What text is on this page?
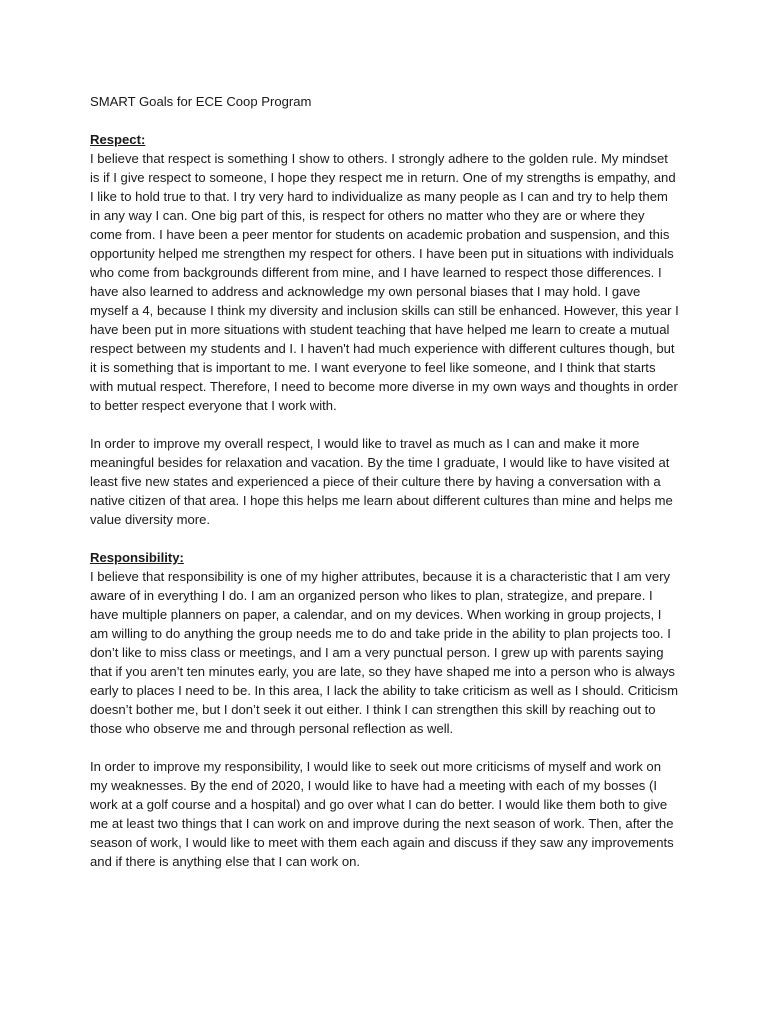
SMART Goals for ECE Coop Program

Respect:

I believe that respect is something I show to others. I strongly adhere to the golden rule. My mindset is if I give respect to someone, I hope they respect me in return. One of my strengths is empathy, and I like to hold true to that. I try very hard to individualize as many people as I can and try to help them in any way I can. One big part of this, is respect for others no matter who they are or where they come from. I have been a peer mentor for students on academic probation and suspension, and this opportunity helped me strengthen my respect for others. I have been put in situations with individuals who come from backgrounds different from mine, and I have learned to respect those differences. I have also learned to address and acknowledge my own personal biases that I may hold. I gave myself a 4, because I think my diversity and inclusion skills can still be enhanced. However, this year I have been put in more situations with student teaching that have helped me learn to create a mutual respect between my students and I. I haven't had much experience with different cultures though, but it is something that is important to me. I want everyone to feel like someone, and I think that starts with mutual respect. Therefore, I need to become more diverse in my own ways and thoughts in order to better respect everyone that I work with.

In order to improve my overall respect, I would like to travel as much as I can and make it more meaningful besides for relaxation and vacation. By the time I graduate, I would like to have visited at least five new states and experienced a piece of their culture there by having a conversation with a native citizen of that area. I hope this helps me learn about different cultures than mine and helps me value diversity more.

Responsibility:

I believe that responsibility is one of my higher attributes, because it is a characteristic that I am very aware of in everything I do. I am an organized person who likes to plan, strategize, and prepare. I have multiple planners on paper, a calendar, and on my devices. When working in group projects, I am willing to do anything the group needs me to do and take pride in the ability to plan projects too. I don’t like to miss class or meetings, and I am a very punctual person. I grew up with parents saying that if you aren’t ten minutes early, you are late, so they have shaped me into a person who is always early to places I need to be. In this area, I lack the ability to take criticism as well as I should. Criticism doesn’t bother me, but I don’t seek it out either. I think I can strengthen this skill by reaching out to those who observe me and through personal reflection as well.

In order to improve my responsibility, I would like to seek out more criticisms of myself and work on my weaknesses. By the end of 2020, I would like to have had a meeting with each of my bosses (I work at a golf course and a hospital) and go over what I can do better. I would like them both to give me at least two things that I can work on and improve during the next season of work. Then, after the season of work, I would like to meet with them each again and discuss if they saw any improvements and if there is anything else that I can work on.
